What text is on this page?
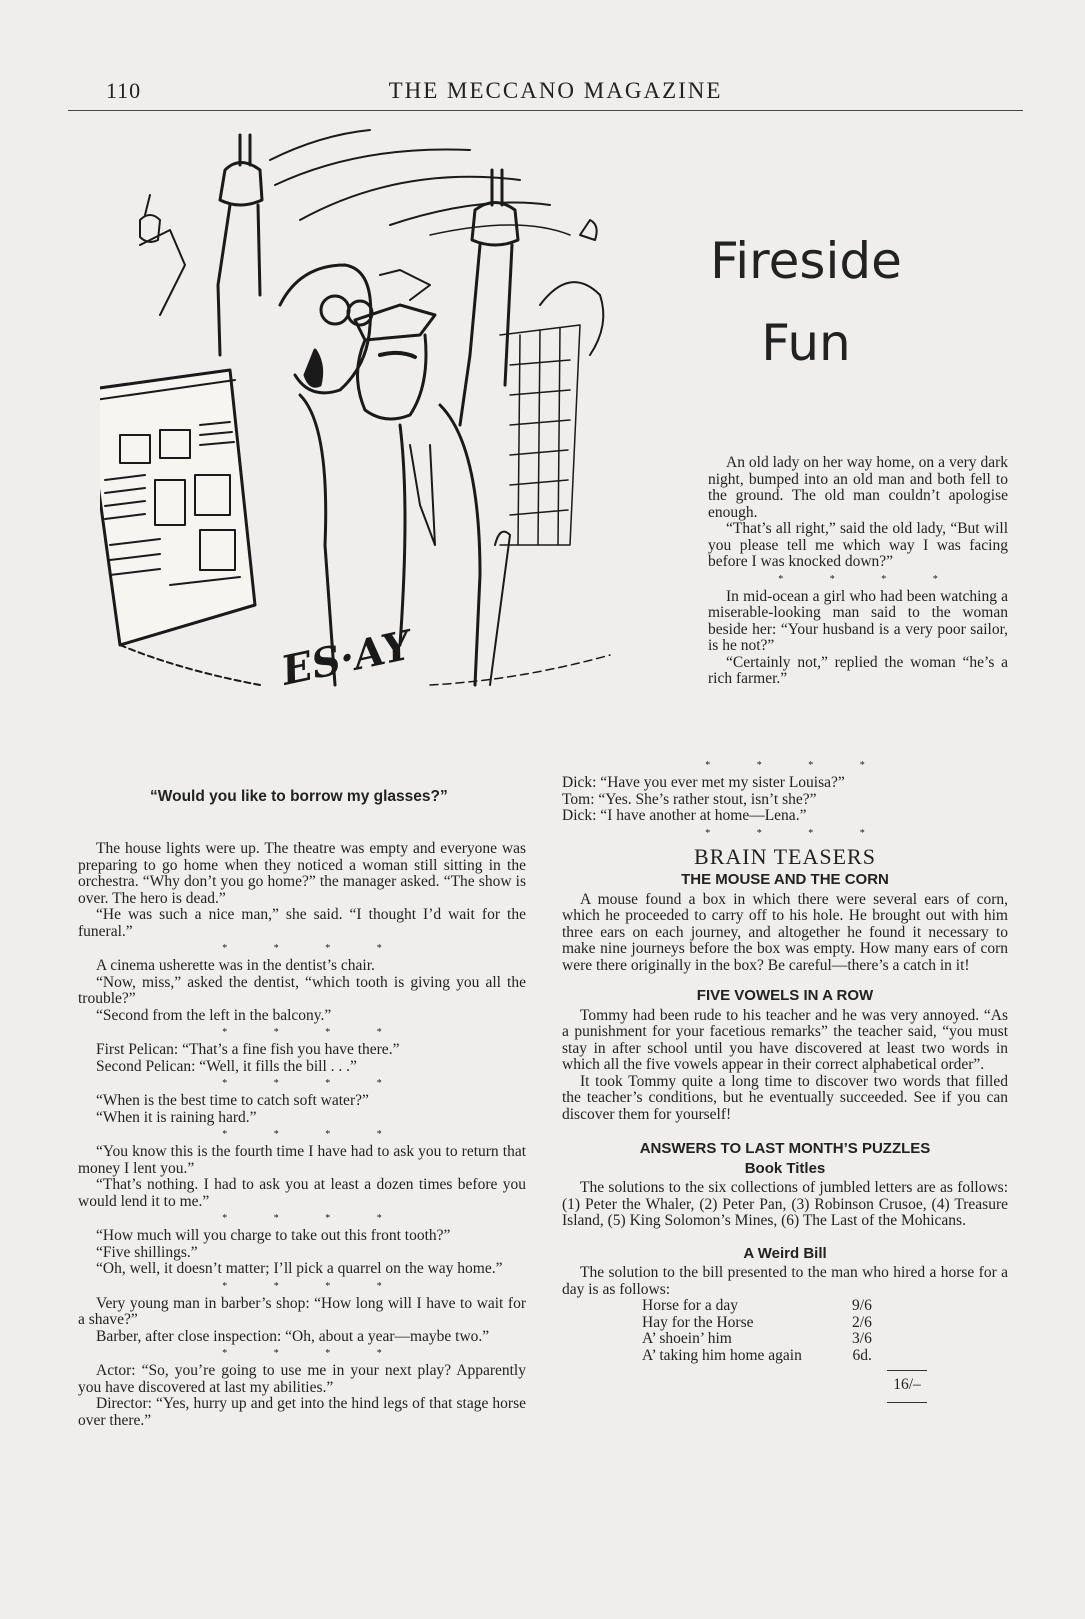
110	THE MECCANO MAGAZINE
ES·AY
Fireside
Fun
“Would you like to borrow my glasses?”

An old lady on her way home, on a very dark night, bumped into an old man and both fell to the ground. The old man couldn’t apologise enough.

“That’s all right,” said the old lady, “But will you please tell me which way I was facing before I was knocked down?”

* * * *

In mid-ocean a girl who had been watching a miserable-looking man said to the woman beside her: “Your husband is a very poor sailor, is he not?”

“Certainly not,” replied the woman “he’s a rich farmer.”

* * * *

Dick: “Have you ever met my sister Louisa?”

Tom: “Yes. She’s rather stout, isn’t she?”

Dick: “I have another at home—Lena.”

* * * *
BRAIN TEASERS
THE MOUSE AND THE CORN

A mouse found a box in which there were several ears of corn, which he proceeded to carry off to his hole. He brought out with him three ears on each journey, and altogether he found it necessary to make nine journeys before the box was empty. How many ears of corn were there originally in the box? Be careful—there’s a catch in it!

FIVE VOWELS IN A ROW

Tommy had been rude to his teacher and he was very annoyed. “As a punishment for your facetious remarks” the teacher said, “you must stay in after school until you have discovered at least two words in which all the five vowels appear in their correct alphabetical order”.

It took Tommy quite a long time to discover two words that filled the teacher’s conditions, but he eventually succeeded. See if you can discover them for yourself!

ANSWERS TO LAST MONTH’S PUZZLES
Book Titles

The solutions to the six collections of jumbled letters are as follows: (1) Peter the Whaler, (2) Peter Pan, (3) Robinson Crusoe, (4) Treasure Island, (5) King Solomon’s Mines, (6) The Last of the Mohicans.

A Weird Bill

The solution to the bill presented to the man who hired a horse for a day is as follows:

Horse for a day	9/6
Hay for the Horse	2/6
A’ shoein’ him	3/6
A’ taking him home again	6d.
16/–

The house lights were up. The theatre was empty and everyone was preparing to go home when they noticed a woman still sitting in the orchestra. “Why don’t you go home?” the manager asked. “The show is over. The hero is dead.”

“He was such a nice man,” she said. “I thought I’d wait for the funeral.”

* * * *

A cinema usherette was in the dentist’s chair.

“Now, miss,” asked the dentist, “which tooth is giving you all the trouble?”

“Second from the left in the balcony.”

* * * *

First Pelican: “That’s a fine fish you have there.”

Second Pelican: “Well, it fills the bill . . .”

* * * *

“When is the best time to catch soft water?”

“When it is raining hard.”

* * * *

“You know this is the fourth time I have had to ask you to return that money I lent you.”

“That’s nothing. I had to ask you at least a dozen times before you would lend it to me.”

* * * *

“How much will you charge to take out this front tooth?”

“Five shillings.”

“Oh, well, it doesn’t matter; I’ll pick a quarrel on the way home.”

* * * *

Very young man in barber’s shop: “How long will I have to wait for a shave?”

Barber, after close inspection: “Oh, about a year—maybe two.”

* * * *

Actor: “So, you’re going to use me in your next play? Apparently you have discovered at last my abilities.”

Director: “Yes, hurry up and get into the hind legs of that stage horse over there.”
